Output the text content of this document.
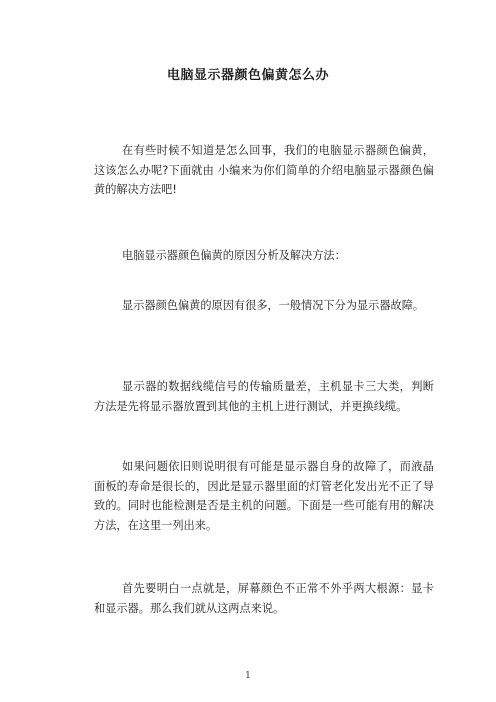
电脑显示器颜色偏黄怎么办
在有些时候不知道是怎么回事，我们的电脑显示器颜色偏黄，这该怎么办呢?下面就由 小编来为你们简单的介绍电脑显示器颜色偏黄的解决方法吧!
电脑显示器颜色偏黄的原因分析及解决方法：
显示器颜色偏黄的原因有很多，一般情况下分为显示器故障。
显示器的数据线缆信号的传输质量差，主机显卡三大类，判断方法是先将显示器放置到其他的主机上进行测试，并更换线缆。
如果问题依旧则说明很有可能是显示器自身的故障了，而液晶面板的寿命是很长的，因此是显示器里面的灯管老化发出光不正了导致的。同时也能检测是否是主机的问题。下面是一些可能有用的解决方法，在这里一列出来。
首先要明白一点就是，屏幕颜色不正常不外乎两大根源：显卡和显示器。那么我们就从这两点来说。
1
